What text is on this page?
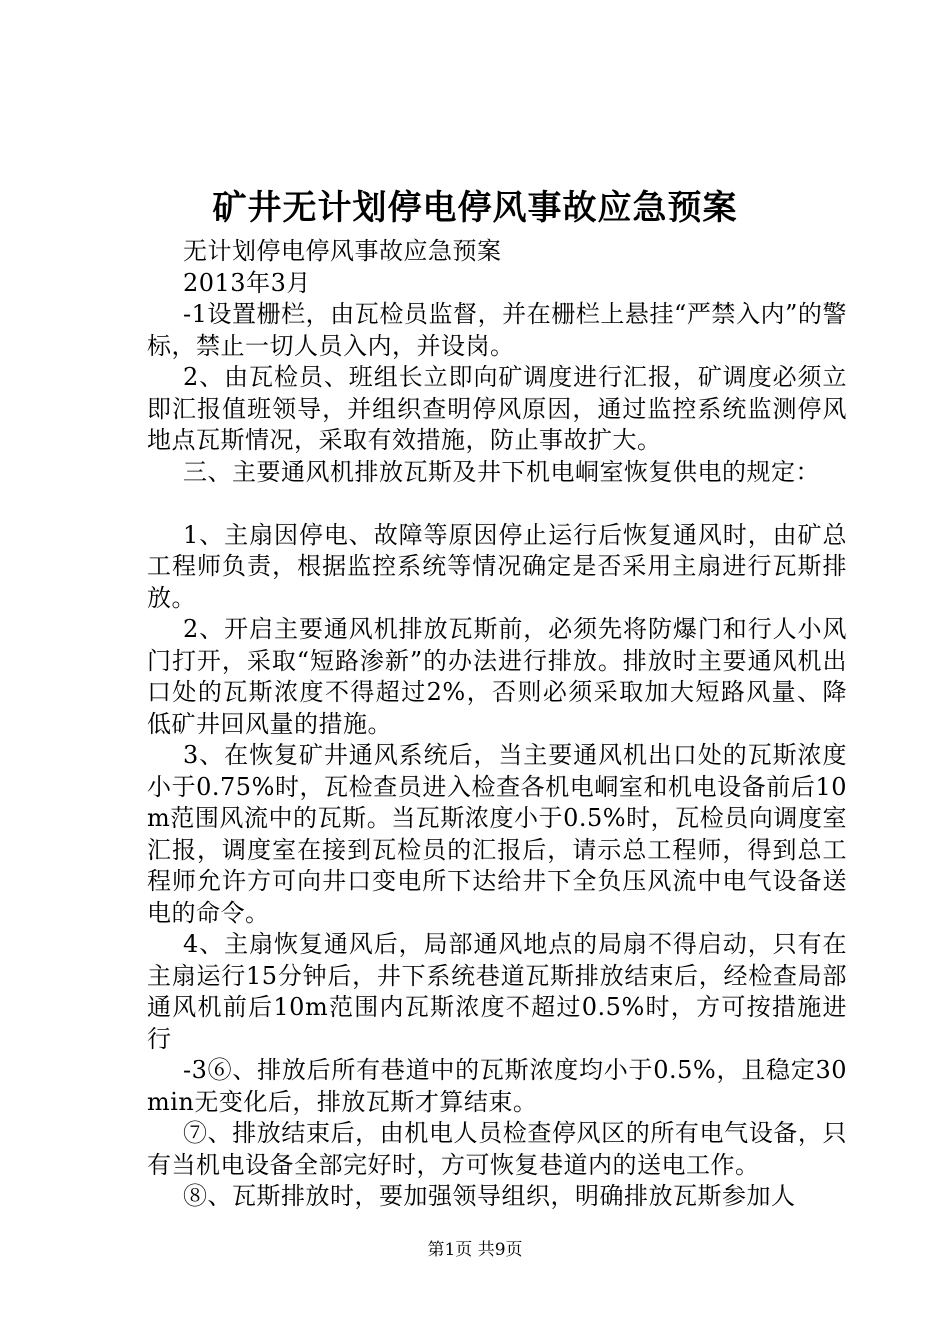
矿井无计划停电停风事故应急预案

无计划停电停风事故应急预案

2013年3月

-1设置栅栏，由瓦检员监督，并在栅栏上悬挂“严禁入内”的警标，禁止一切人员入内，并设岗。

2、由瓦检员、班组长立即向矿调度进行汇报，矿调度必须立即汇报值班领导，并组织查明停风原因，通过监控系统监测停风地点瓦斯情况，采取有效措施，防止事故扩大。

三、主要通风机排放瓦斯及井下机电峒室恢复供电的规定：

1、主扇因停电、故障等原因停止运行后恢复通风时，由矿总工程师负责，根据监控系统等情况确定是否采用主扇进行瓦斯排放。

2、开启主要通风机排放瓦斯前，必须先将防爆门和行人小风门打开，采取“短路渗新”的办法进行排放。排放时主要通风机出口处的瓦斯浓度不得超过2%，否则必须采取加大短路风量、降低矿井回风量的措施。

3、在恢复矿井通风系统后，当主要通风机出口处的瓦斯浓度小于0.75%时，瓦检查员进入检查各机电峒室和机电设备前后10m范围风流中的瓦斯。当瓦斯浓度小于0.5%时，瓦检员向调度室汇报，调度室在接到瓦检员的汇报后，请示总工程师，得到总工程师允许方可向井口变电所下达给井下全负压风流中电气设备送电的命令。

4、主扇恢复通风后，局部通风地点的局扇不得启动，只有在主扇运行15分钟后，井下系统巷道瓦斯排放结束后，经检查局部通风机前后10m范围内瓦斯浓度不超过0.5%时，方可按措施进行

-3⑥、排放后所有巷道中的瓦斯浓度均小于0.5%，且稳定30min无变化后，排放瓦斯才算结束。

⑦、排放结束后，由机电人员检查停风区的所有电气设备，只有当机电设备全部完好时，方可恢复巷道内的送电工作。

⑧、瓦斯排放时，要加强领导组织，明确排放瓦斯参加人

第1页 共9页
